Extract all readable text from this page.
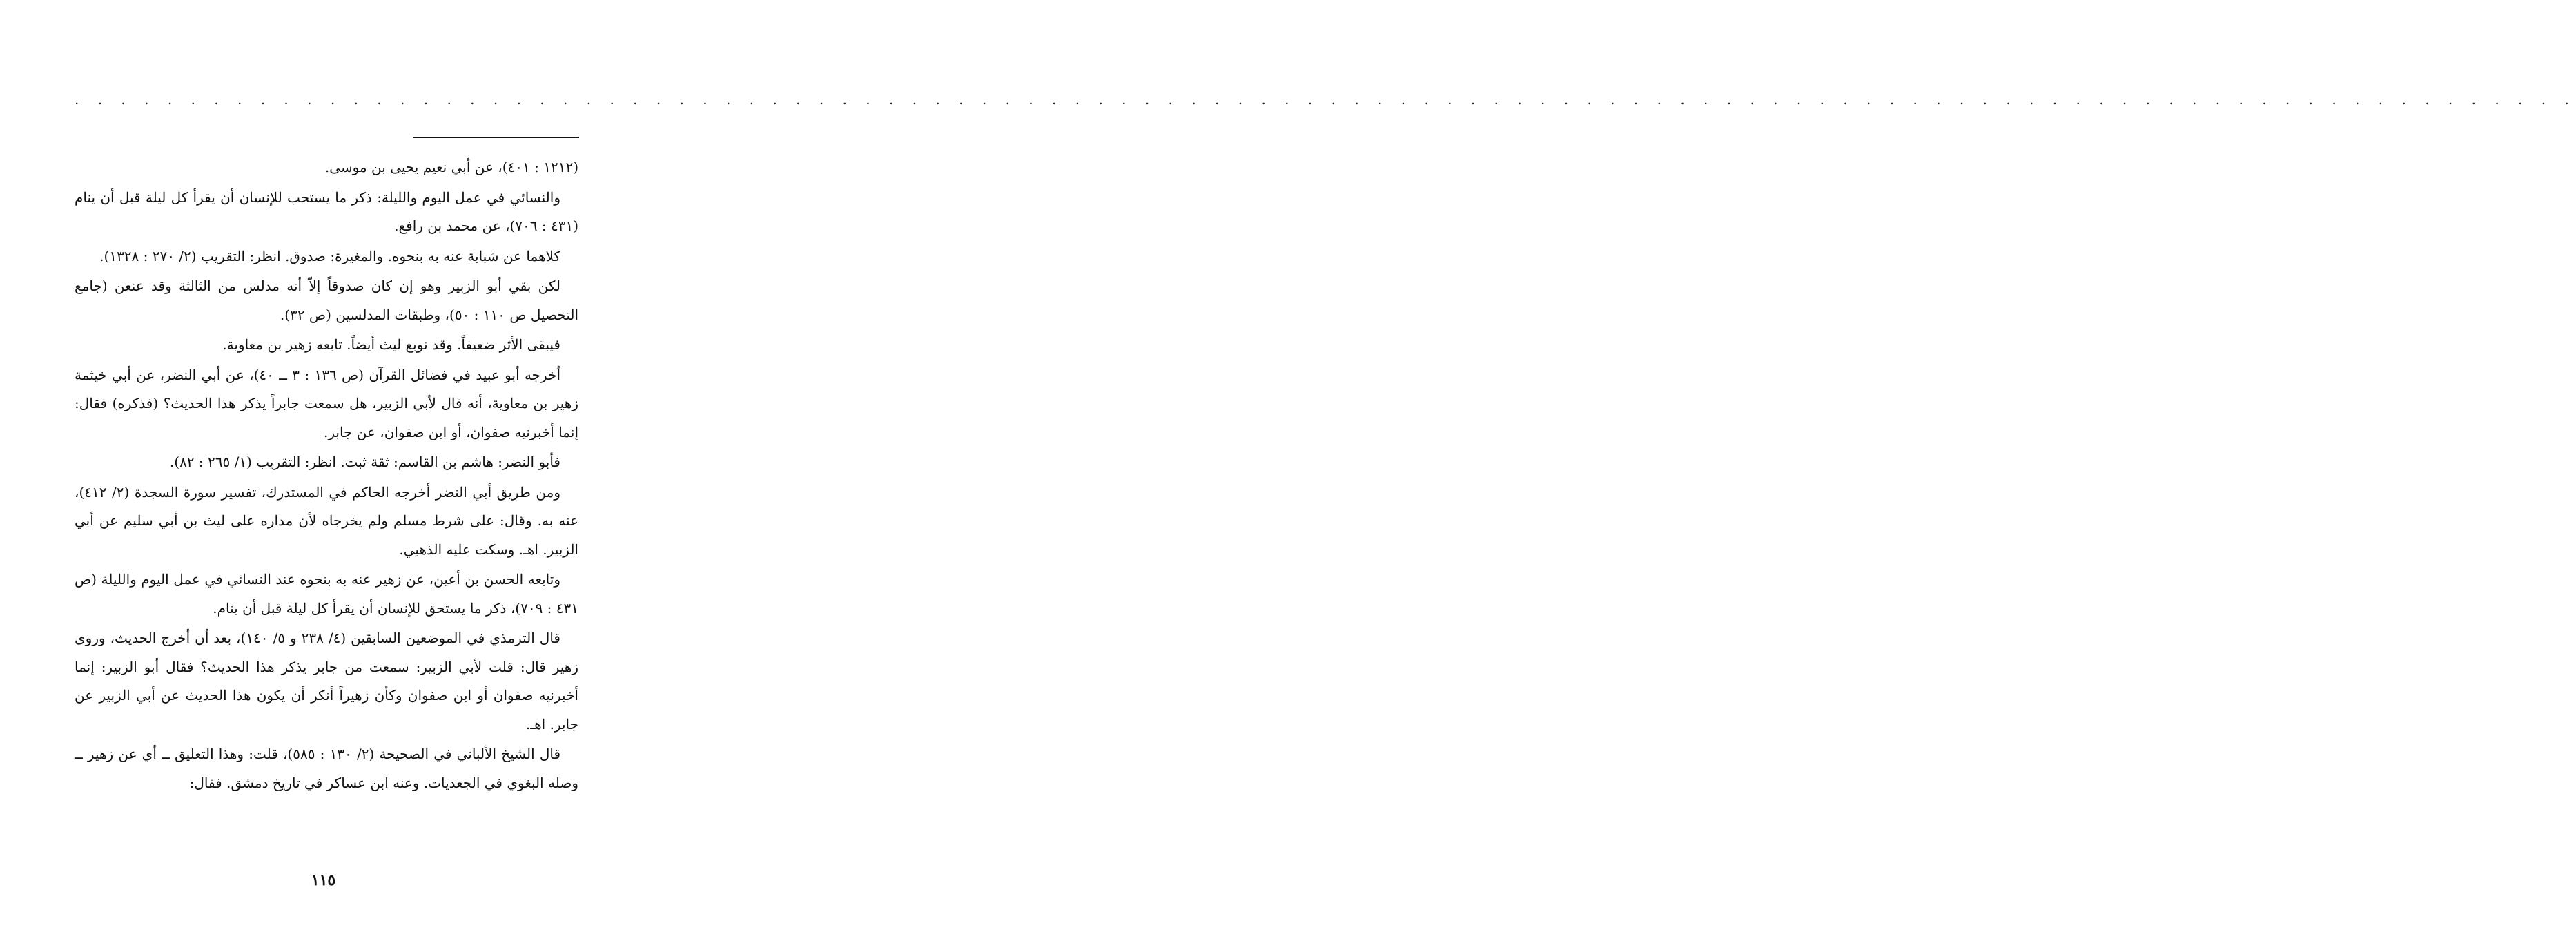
. . . . . . . . . . . . . . . . . . . . . . . . . . . . . . . . . . . . . . . . . . . . . . . . . . . . . . . . . . . . . . . . . . . . . . . . . . . . . . . . . . . . . . . . . . . . . . . . . . . . . . . . . . . .

(١٢١٢ : ٤٠١)، عن أبي نعيم يحيى بن موسى.

والنسائي في عمل اليوم والليلة: ذكر ما يستحب للإنسان أن يقرأ كل ليلة قبل أن ينام (٤٣١ : ٧٠٦)، عن محمد بن رافع.

كلاهما عن شبابة عنه به بنحوه. والمغيرة: صدوق. انظر: التقريب (٢/ ٢٧٠ : ١٣٢٨).

لكن بقي أبو الزبير وهو إن كان صدوقاً إلاّ أنه مدلس من الثالثة وقد عنعن (جامع التحصيل ص ١١٠ : ٥٠)، وطبقات المدلسين (ص ٣٢).

فيبقى الأثر ضعيفاً. وقد توبع ليث أيضاً. تابعه زهير بن معاوية.

أخرجه أبو عبيد في فضائل القرآن (ص ١٣٦ : ٣ ــ ٤٠)، عن أبي النضر، عن أبي خيثمة زهير بن معاوية، أنه قال لأبي الزبير، هل سمعت جابراً يذكر هذا الحديث؟ (فذكره) فقال: إنما أخبرنيه صفوان، أو ابن صفوان، عن جابر.

فأبو النضر: هاشم بن القاسم: ثقة ثبت. انظر: التقريب (١/ ٢٦٥ : ٨٢).

ومن طريق أبي النضر أخرجه الحاكم في المستدرك، تفسير سورة السجدة (٢/ ٤١٢)، عنه به. وقال: على شرط مسلم ولم يخرجاه لأن مداره على ليث بن أبي سليم عن أبي الزبير. اهـ. وسكت عليه الذهبي.

وتابعه الحسن بن أعين، عن زهير عنه به بنحوه عند النسائي في عمل اليوم والليلة (ص ٤٣١ : ٧٠٩)، ذكر ما يستحق للإنسان أن يقرأ كل ليلة قبل أن ينام.

قال الترمذي في الموضعين السابقين (٤/ ٢٣٨ و ٥/ ١٤٠)، بعد أن أخرج الحديث، وروى زهير قال: قلت لأبي الزبير: سمعت من جابر يذكر هذا الحديث؟ فقال أبو الزبير: إنما أخبرنيه صفوان أو ابن صفوان وكأن زهيراً أنكر أن يكون هذا الحديث عن أبي الزبير عن جابر. اهـ.

قال الشيخ الألباني في الصحيحة (٢/ ١٣٠ : ٥٨٥)، قلت: وهذا التعليق ــ أي عن زهير ــ وصله البغوي في الجعديات. وعنه ابن عساكر في تاريخ دمشق. فقال:

١١٥
